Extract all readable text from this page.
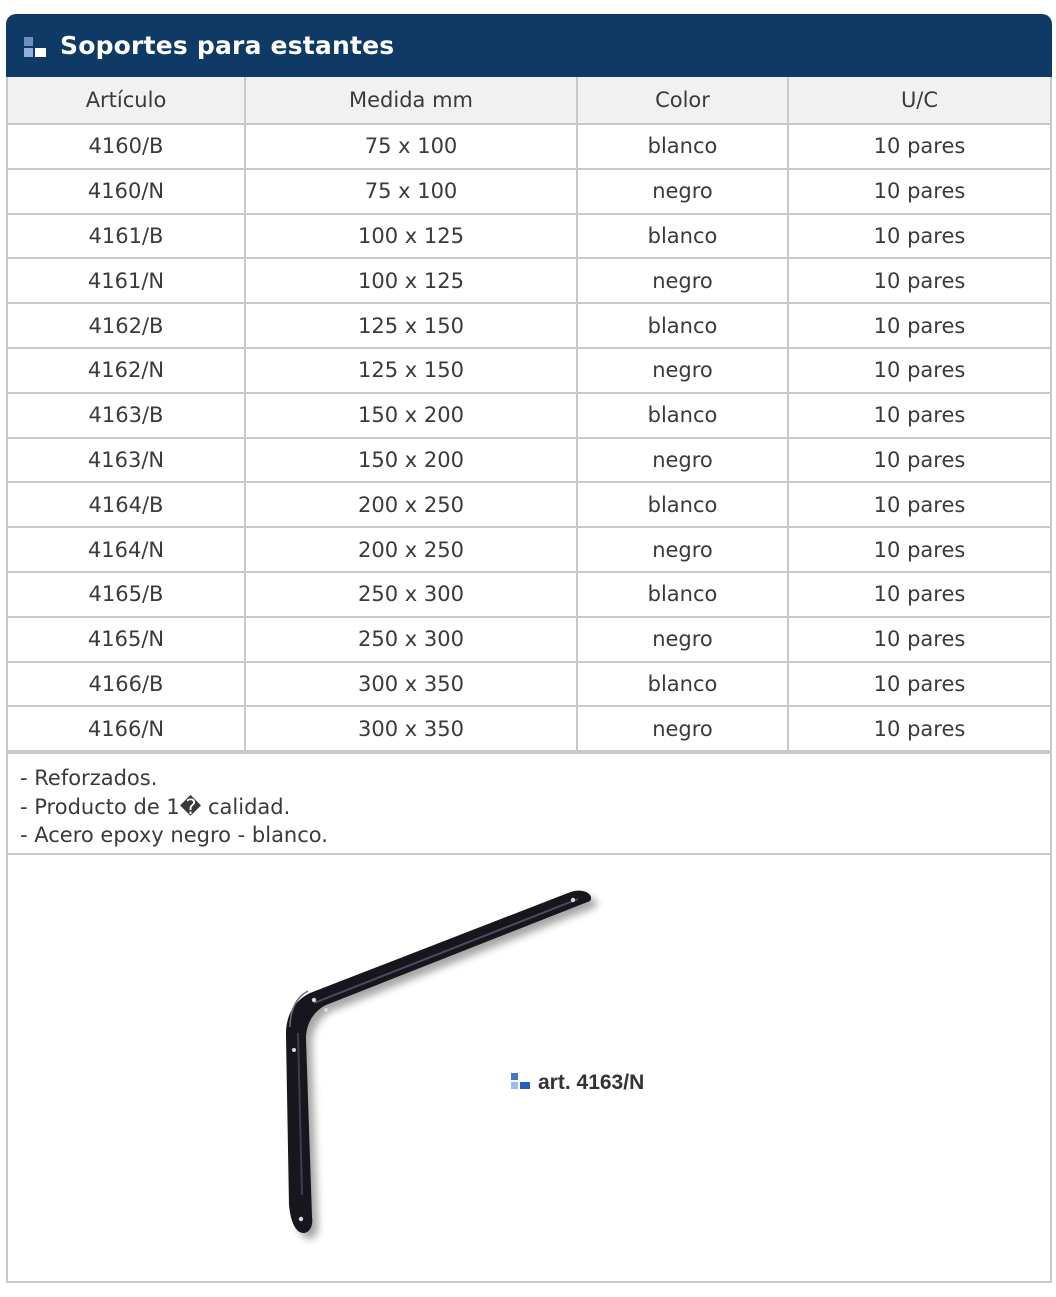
Soportes para estantes
Artículo	Medida mm	Color	U/C
4160/B	75 x 100	blanco	10 pares
4160/N	75 x 100	negro	10 pares
4161/B	100 x 125	blanco	10 pares
4161/N	100 x 125	negro	10 pares
4162/B	125 x 150	blanco	10 pares
4162/N	125 x 150	negro	10 pares
4163/B	150 x 200	blanco	10 pares
4163/N	150 x 200	negro	10 pares
4164/B	200 x 250	blanco	10 pares
4164/N	200 x 250	negro	10 pares
4165/B	250 x 300	blanco	10 pares
4165/N	250 x 300	negro	10 pares
4166/B	300 x 350	blanco	10 pares
4166/N	300 x 350	negro	10 pares
- Reforzados.
- Producto de 1� calidad.
- Acero epoxy negro - blanco.
art. 4163/N
